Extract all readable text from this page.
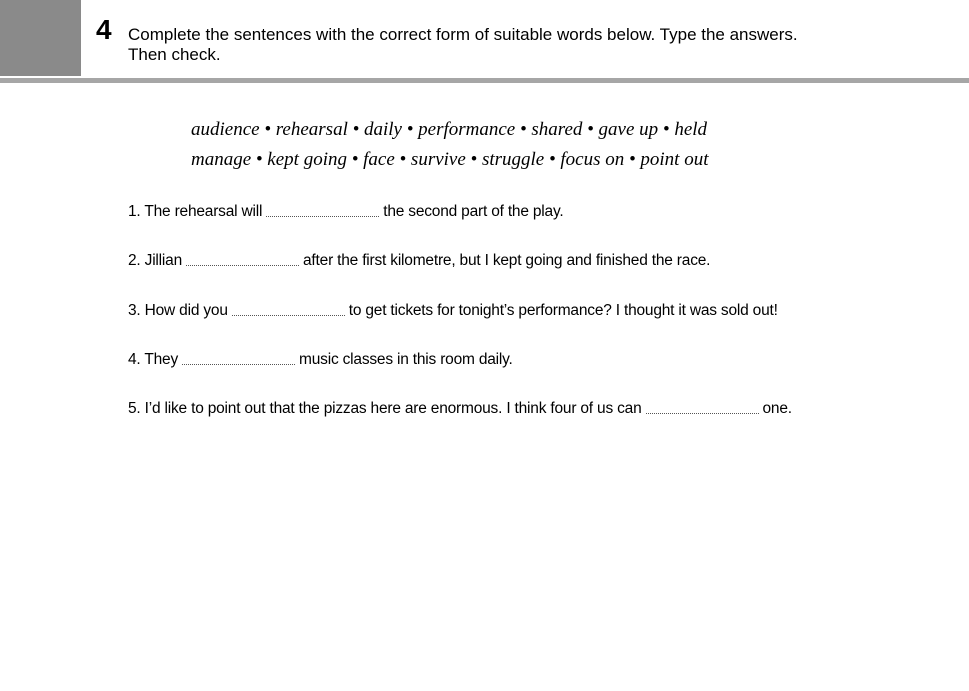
4 Complete the sentences with the correct form of suitable words below. Type the answers.
Then check.
audience • rehearsal • daily • performance • shared • gave up • held
manage • kept going • face • survive • struggle • focus on • point out
1. The rehearsal will	the second part of the play.
2. Jillian	after the first kilometre, but I kept going and finished the race.
3. How did you	to get tickets for tonight’s performance? I thought it was sold out!
4. They	music classes in this room daily.
5. I’d like to point out that the pizzas here are enormous. I think four of us can	one.
